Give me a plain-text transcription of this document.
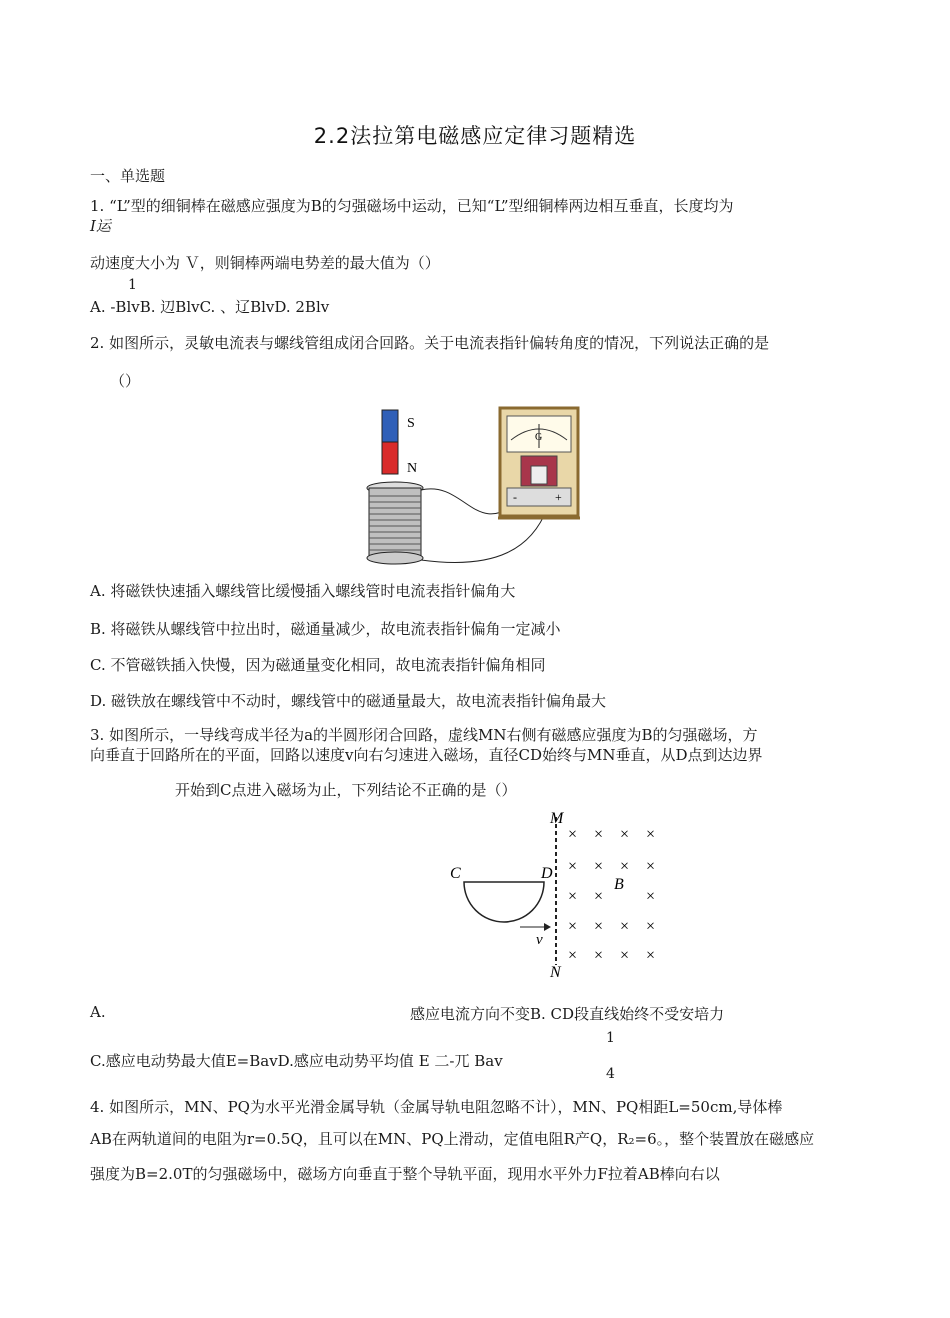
2.2法拉第电磁感应定律习题精选
一、单选题
1. “L”型的细铜棒在磁感应强度为B的匀强磁场中运动，已知“L”型细铜棒两边相互垂直，长度均为
I运
动速度大小为 Ｖ，则铜棒两端电势差的最大值为（）
1
A. -BlvB. 辺BlvC. 、辽BlvD. 2Blv
2. 如图所示，灵敏电流表与螺线管组成闭合回路。关于电流表指针偏转角度的情况，下列说法正确的是
（）
S
N
G
-	+
A. 将磁铁快速插入螺线管比缓慢插入螺线管时电流表指针偏角大
B. 将磁铁从螺线管中拉出时，磁通量减少，故电流表指针偏角一定减小
C. 不管磁铁插入快慢，因为磁通量变化相同，故电流表指针偏角相同
D. 磁铁放在螺线管中不动时，螺线管中的磁通量最大，故电流表指针偏角最大
3. 如图所示，一导线弯成半径为a的半圆形闭合回路，虚线MN右侧有磁感应强度为B的匀强磁场，方
向垂直于回路所在的平面，回路以速度v向右匀速进入磁场，直径CD始终与MN垂直，从D点到达边界
开始到C点进入磁场为止，下列结论不正确的是（）
M
N
C	D
v
B
× × × ×
× × × ×
× ×	×
× × × ×
× × × ×
A.	感应电流方向不变B. CD段直线始终不受安培力
1
C.感应电动势最大值E=BavD.感应电动势平均值 E 二-兀 Bav
4
4. 如图所示，MN、PQ为水平光滑金属导轨（金属导轨电阻忽略不计），MN、PQ相距L=50cm,导体棒
AB在两轨道间的电阻为r=0.5Q，且可以在MN、PQ上滑动，定值电阻R产Q，R₂=6。，整个装置放在磁感应
强度为B=2.0T的匀强磁场中，磁场方向垂直于整个导轨平面，现用水平外力F拉着AB棒向右以
